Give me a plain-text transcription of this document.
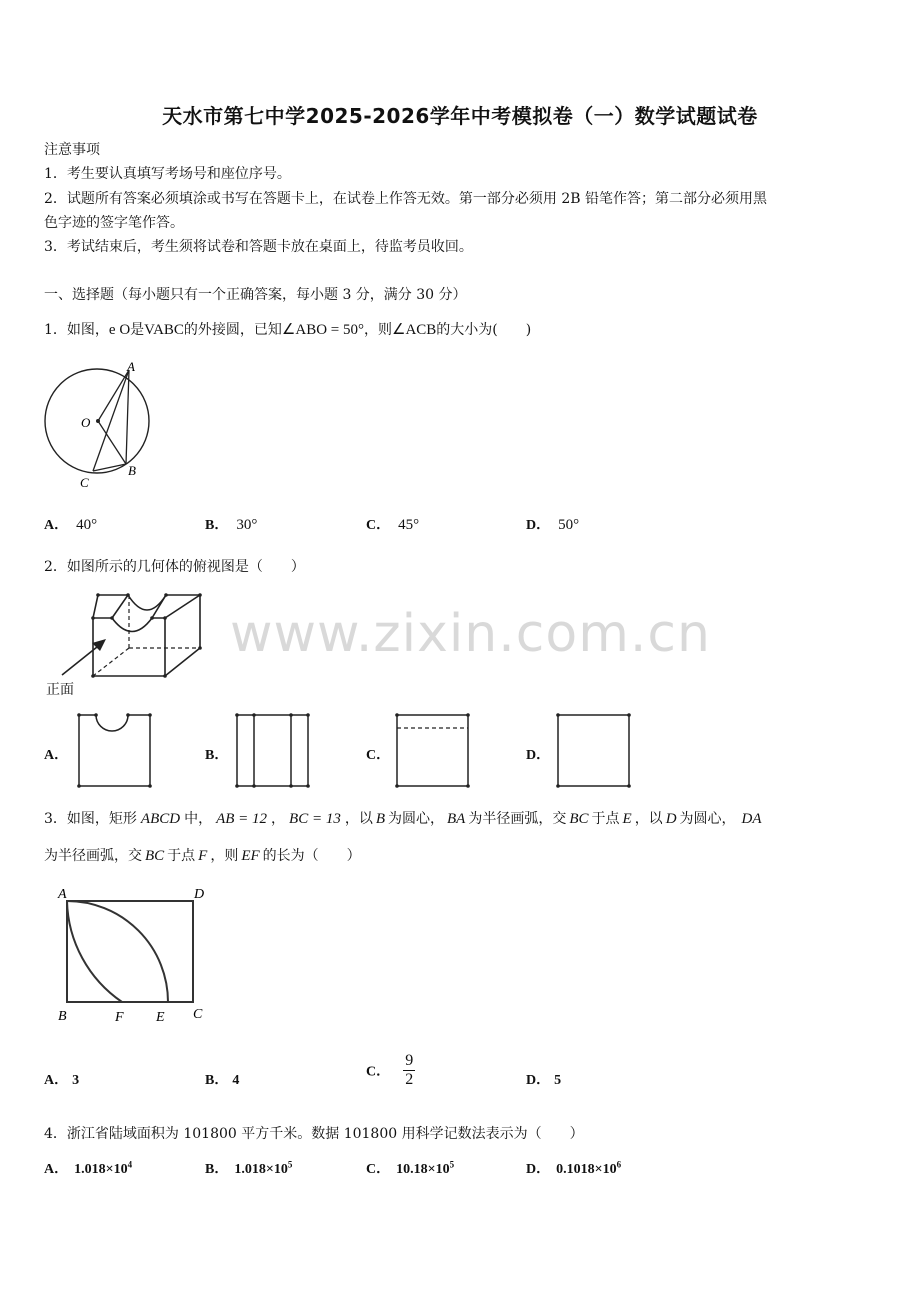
天水市第七中学2025-2026学年中考模拟卷（一）数学试题试卷
注意事项
1．考生要认真填写考场号和座位序号。
2．试题所有答案必须填涂或书写在答题卡上，在试卷上作答无效。第一部分必须用 2B 铅笔作答；第二部分必须用黑
色字迹的签字笔作答。
3．考试结束后，考生须将试卷和答题卡放在桌面上，待监考员收回。
一、选择题（每小题只有一个正确答案，每小题 3 分，满分 30 分）
1．如图，e O是VABC的外接圆，已知∠ABO = 50°，则∠ACB的大小为(　　)
A
O
B
C
A． 40°	B． 30°	C． 45°	D． 50°
2．如图所示的几何体的俯视图是（　　）
正面
A．	B．	C．	D．
www.zixin.com.cn
3．如图，矩形 ABCD 中， AB = 12 ， BC = 13 ，以 B 为圆心， BA 为半径画弧，交 BC 于点 E ，以 D 为圆心， DA
为半径画弧，交 BC 于点 F ，则 EF 的长为（　　）
A	D
B	F E C
A． 3	B． 4
C． $\frac{9}{2}$	D． 5
4．浙江省陆域面积为 101800 平方千米。数据 101800 用科学记数法表示为（　　）
A． $1.018\times 10^4$	B． $1.018\times 10^5$	C． $10.18\times 10^5$	D． $0.1018\times 10^6$
